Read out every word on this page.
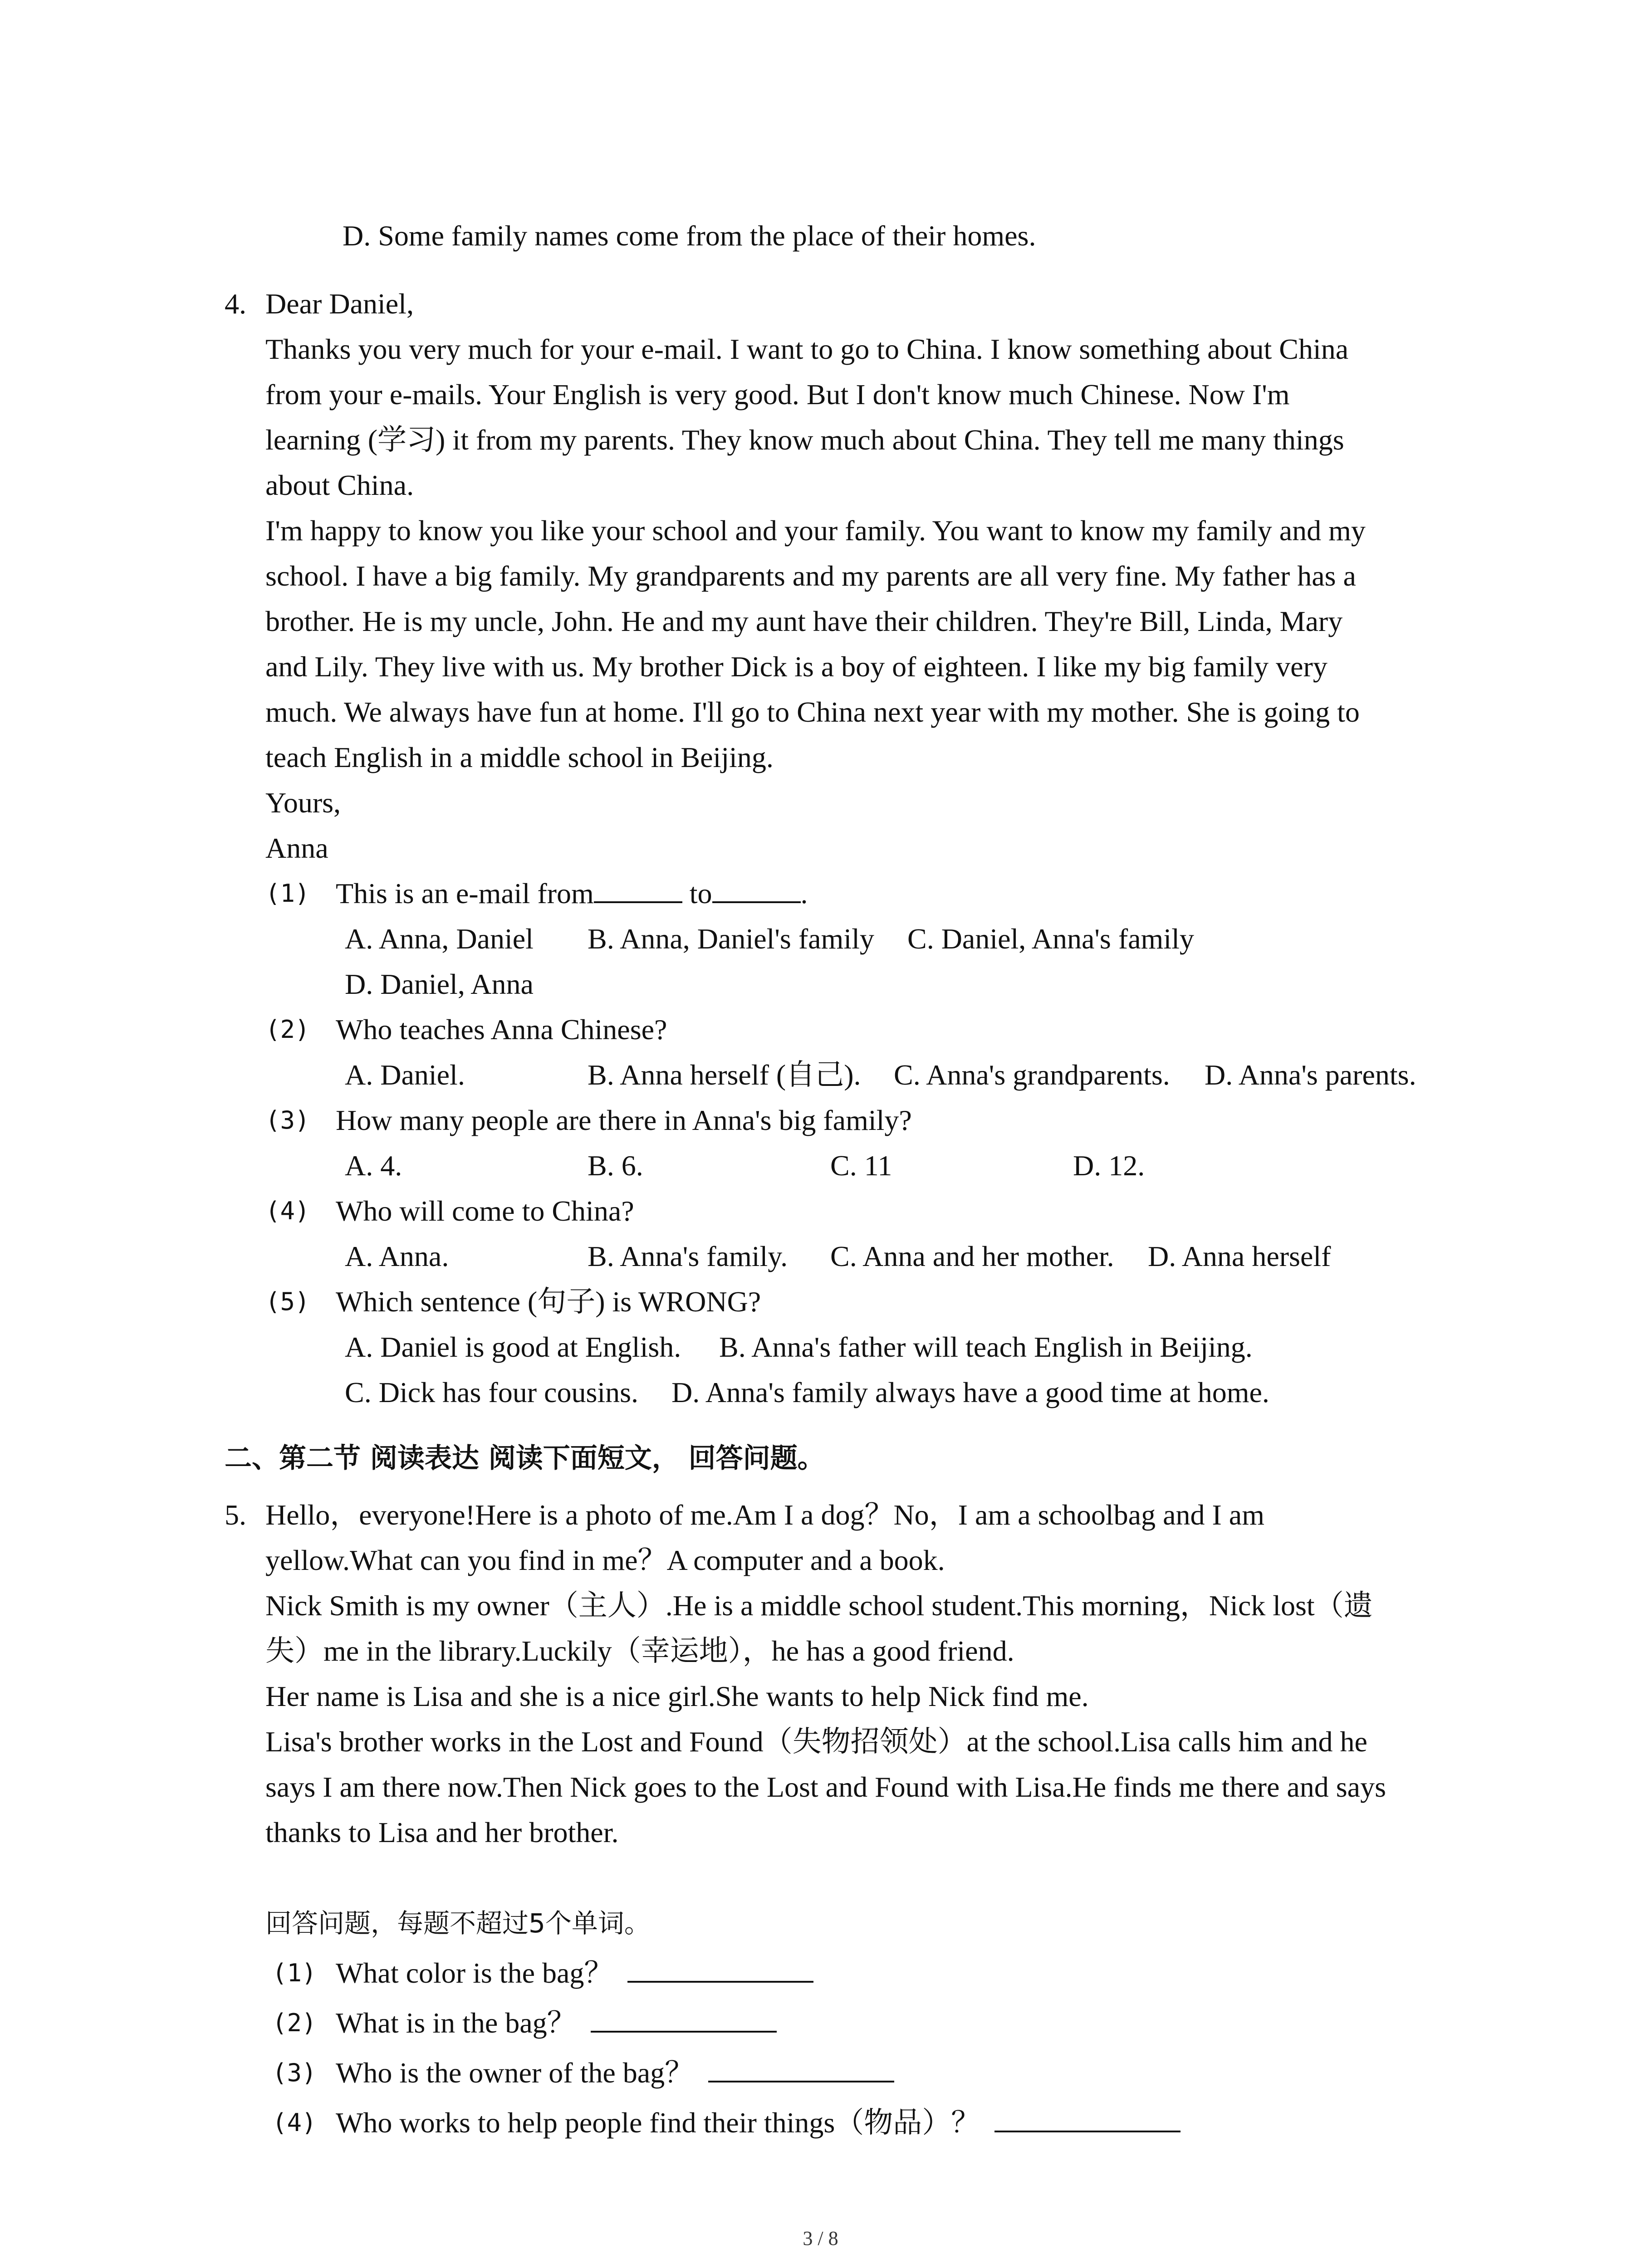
D. Some family names come from the place of their homes.
4. Dear Daniel,
Thanks you very much for your e-mail. I want to go to China. I know something about China
from your e-mails. Your English is very good. But I don't know much Chinese. Now I'm
learning (学习) it from my parents. They know much about China. They tell me many things
about China.
I'm happy to know you like your school and your family. You want to know my family and my
school. I have a big family. My grandparents and my parents are all very fine. My father has a
brother. He is my uncle, John. He and my aunt have their children. They're Bill, Linda, Mary
and Lily. They live with us. My brother Dick is a boy of eighteen. I like my big family very
much. We always have fun at home. I'll go to China next year with my mother. She is going to
teach English in a middle school in Beijing.
Yours,
Anna
(1) This is an e-mail from	to	.
A. Anna, Daniel B. Anna, Daniel's family C. Daniel, Anna's family
D. Daniel, Anna
(2) Who teaches Anna Chinese?
A. Daniel.	B. Anna herself (自己). C. Anna's grandparents. D. Anna's parents.
(3) How many people are there in Anna's big family?
A. 4.	B. 6.	C. 11	D. 12.
(4) Who will come to China?
A. Anna.	B. Anna's family. C. Anna and her mother. D. Anna herself
(5) Which sentence (句子) is WRONG?
A. Daniel is good at English. B. Anna's father will teach English in Beijing.
C. Dick has four cousins. D. Anna's family always have a good time at home.
二、第二节 阅读表达 阅读下面短文， 回答问题。
5. Hello，everyone!Here is a photo of me.Am I a dog？No，I am a schoolbag and I am
yellow.What can you find in me？A computer and a book.
Nick Smith is my owner（主人）.He is a middle school student.This morning，Nick lost（遗
失）me in the library.Luckily（幸运地），he has a good friend.
Her name is Lisa and she is a nice girl.She wants to help Nick find me.
Lisa's brother works in the Lost and Found（失物招领处）at the school.Lisa calls him and he
says I am there now.Then Nick goes to the Lost and Found with Lisa.He finds me there and says
thanks to Lisa and her brother.
回答问题，每题不超过5个单词。
(1) What color is the bag？
(2) What is in the bag？
(3) Who is the owner of the bag？
(4) Who works to help people find their things（物品）？
3 / 8
